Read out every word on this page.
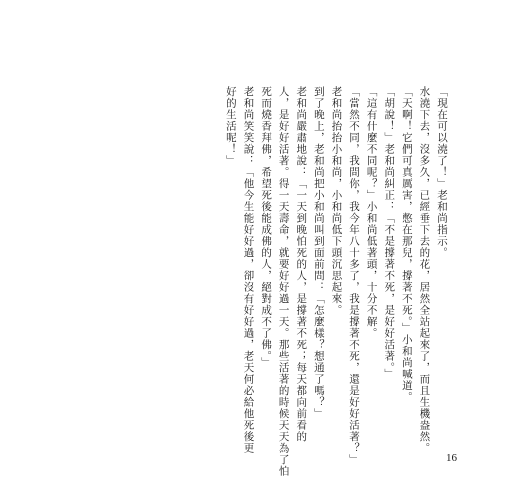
「現在可以澆了！」老和尚指示。
水澆下去，沒多久，已經垂下去的花，居然全站起來了，而且生機盎然。
「天啊！它們可真厲害，憋在那兒，撐著不死。」小和尚喊道。
「胡說！」老和尚糾正：「不是撐著不死，是好好活著。」
「這有什麼不同呢？」小和尚低著頭，十分不解。
「當然不同，我問你，我今年八十多了，我是撐著不死，還是好好活著？」
老和尚抬抬小和尚，小和尚低下頭沉思起來。
到了晚上，老和尚把小和尚叫到面前問：「怎麼樣？想通了嗎？」
老和尚嚴肅地說：「一天到晚怕死的人，是撐著不死；每天都向前看的
人，是好好活著。得一天壽命，就要好好過一天。那些活著的時候天天為了怕
死而燒香拜佛，希望死後能成佛的人，絕對成不了佛。」
老和尚笑笑說：「他今生能好好過，卻沒有好好過，老天何必給他死後更
好的生活呢！」
16
